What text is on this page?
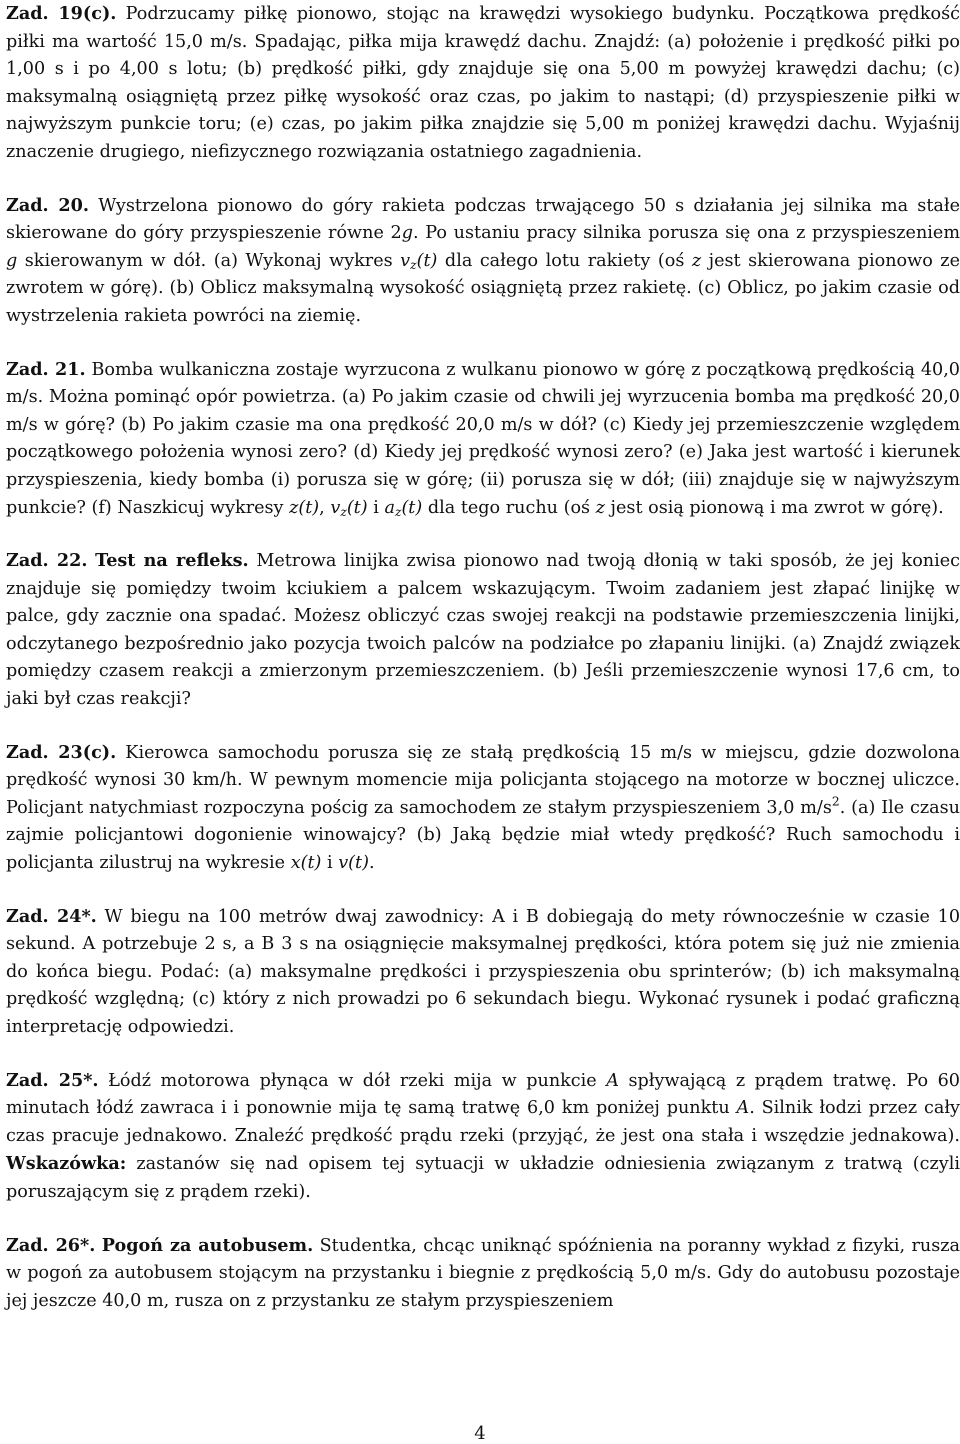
Zad. 19(c). Podrzucamy piłkę pionowo, stojąc na krawędzi wysokiego budynku. Początkowa prędkość piłki ma wartość 15,0 m/s. Spadając, piłka mija krawędź dachu. Znajdź: (a) położenie i prędkość piłki po 1,00 s i po 4,00 s lotu; (b) prędkość piłki, gdy znajduje się ona 5,00 m powyżej krawędzi dachu; (c) maksymalną osiągniętą przez piłkę wysokość oraz czas, po jakim to nastąpi; (d) przyspieszenie piłki w najwyższym punkcie toru; (e) czas, po jakim piłka znajdzie się 5,00 m poniżej krawędzi dachu. Wyjaśnij znaczenie drugiego, niefizycznego rozwiązania ostatniego zagadnienia.

Zad. 20. Wystrzelona pionowo do góry rakieta podczas trwającego 50 s działania jej silnika ma stałe skierowane do góry przyspieszenie równe 2g. Po ustaniu pracy silnika porusza się ona z przyspieszeniem g skierowanym w dół. (a) Wykonaj wykres $v_z(t)$ dla całego lotu rakiety (oś z jest skierowana pionowo ze zwrotem w górę). (b) Oblicz maksymalną wysokość osiągniętą przez rakietę. (c) Oblicz, po jakim czasie od wystrzelenia rakieta powróci na ziemię.

Zad. 21. Bomba wulkaniczna zostaje wyrzucona z wulkanu pionowo w górę z początkową prędkością 40,0 m/s. Można pominąć opór powietrza. (a) Po jakim czasie od chwili jej wyrzucenia bomba ma prędkość 20,0 m/s w górę? (b) Po jakim czasie ma ona prędkość 20,0 m/s w dół? (c) Kiedy jej przemieszczenie względem początkowego położenia wynosi zero? (d) Kiedy jej prędkość wynosi zero? (e) Jaka jest wartość i kierunek przyspieszenia, kiedy bomba (i) porusza się w górę; (ii) porusza się w dół; (iii) znajduje się w najwyższym punkcie? (f) Naszkicuj wykresy z(t), $v_z(t)$ i $a_z(t)$ dla tego ruchu (oś z jest osią pionową i ma zwrot w górę).

Zad. 22. Test na refleks. Metrowa linijka zwisa pionowo nad twoją dłonią w taki sposób, że jej koniec znajduje się pomiędzy twoim kciukiem a palcem wskazującym. Twoim zadaniem jest złapać linijkę w palce, gdy zacznie ona spadać. Możesz obliczyć czas swojej reakcji na podstawie przemieszczenia linijki, odczytanego bezpośrednio jako pozycja twoich palców na podziałce po złapaniu linijki. (a) Znajdź związek pomiędzy czasem reakcji a zmierzonym przemieszczeniem. (b) Jeśli przemieszczenie wynosi 17,6 cm, to jaki był czas reakcji?

Zad. 23(c). Kierowca samochodu porusza się ze stałą prędkością 15 m/s w miejscu, gdzie dozwolona prędkość wynosi 30 km/h. W pewnym momencie mija policjanta stojącego na motorze w bocznej uliczce. Policjant natychmiast rozpoczyna pościg za samochodem ze stałym przyspieszeniem 3,0 $m/s^2$. (a) Ile czasu zajmie policjantowi dogonienie winowajcy? (b) Jaką będzie miał wtedy prędkość? Ruch samochodu i policjanta zilustruj na wykresie x(t) i v(t).

Zad. 24*. W biegu na 100 metrów dwaj zawodnicy: A i B dobiegają do mety równocześnie w czasie 10 sekund. A potrzebuje 2 s, a B 3 s na osiągnięcie maksymalnej prędkości, która potem się już nie zmienia do końca biegu. Podać: (a) maksymalne prędkości i przyspieszenia obu sprinterów; (b) ich maksymalną prędkość względną; (c) który z nich prowadzi po 6 sekundach biegu. Wykonać rysunek i podać graficzną interpretację odpowiedzi.

Zad. 25*. Łódź motorowa płynąca w dół rzeki mija w punkcie A spływającą z prądem tratwę. Po 60 minutach łódź zawraca i i ponownie mija tę samą tratwę 6,0 km poniżej punktu A. Silnik łodzi przez cały czas pracuje jednakowo. Znaleźć prędkość prądu rzeki (przyjąć, że jest ona stała i wszędzie jednakowa). Wskazówka: zastanów się nad opisem tej sytuacji w układzie odniesienia związanym z tratwą (czyli poruszającym się z prądem rzeki).

Zad. 26*. Pogoń za autobusem. Studentka, chcąc uniknąć spóźnienia na poranny wykład z fizyki, rusza w pogoń za autobusem stojącym na przystanku i biegnie z prędkością 5,0 m/s. Gdy do autobusu pozostaje jej jeszcze 40,0 m, rusza on z przystanku ze stałym przyspieszeniem

4
